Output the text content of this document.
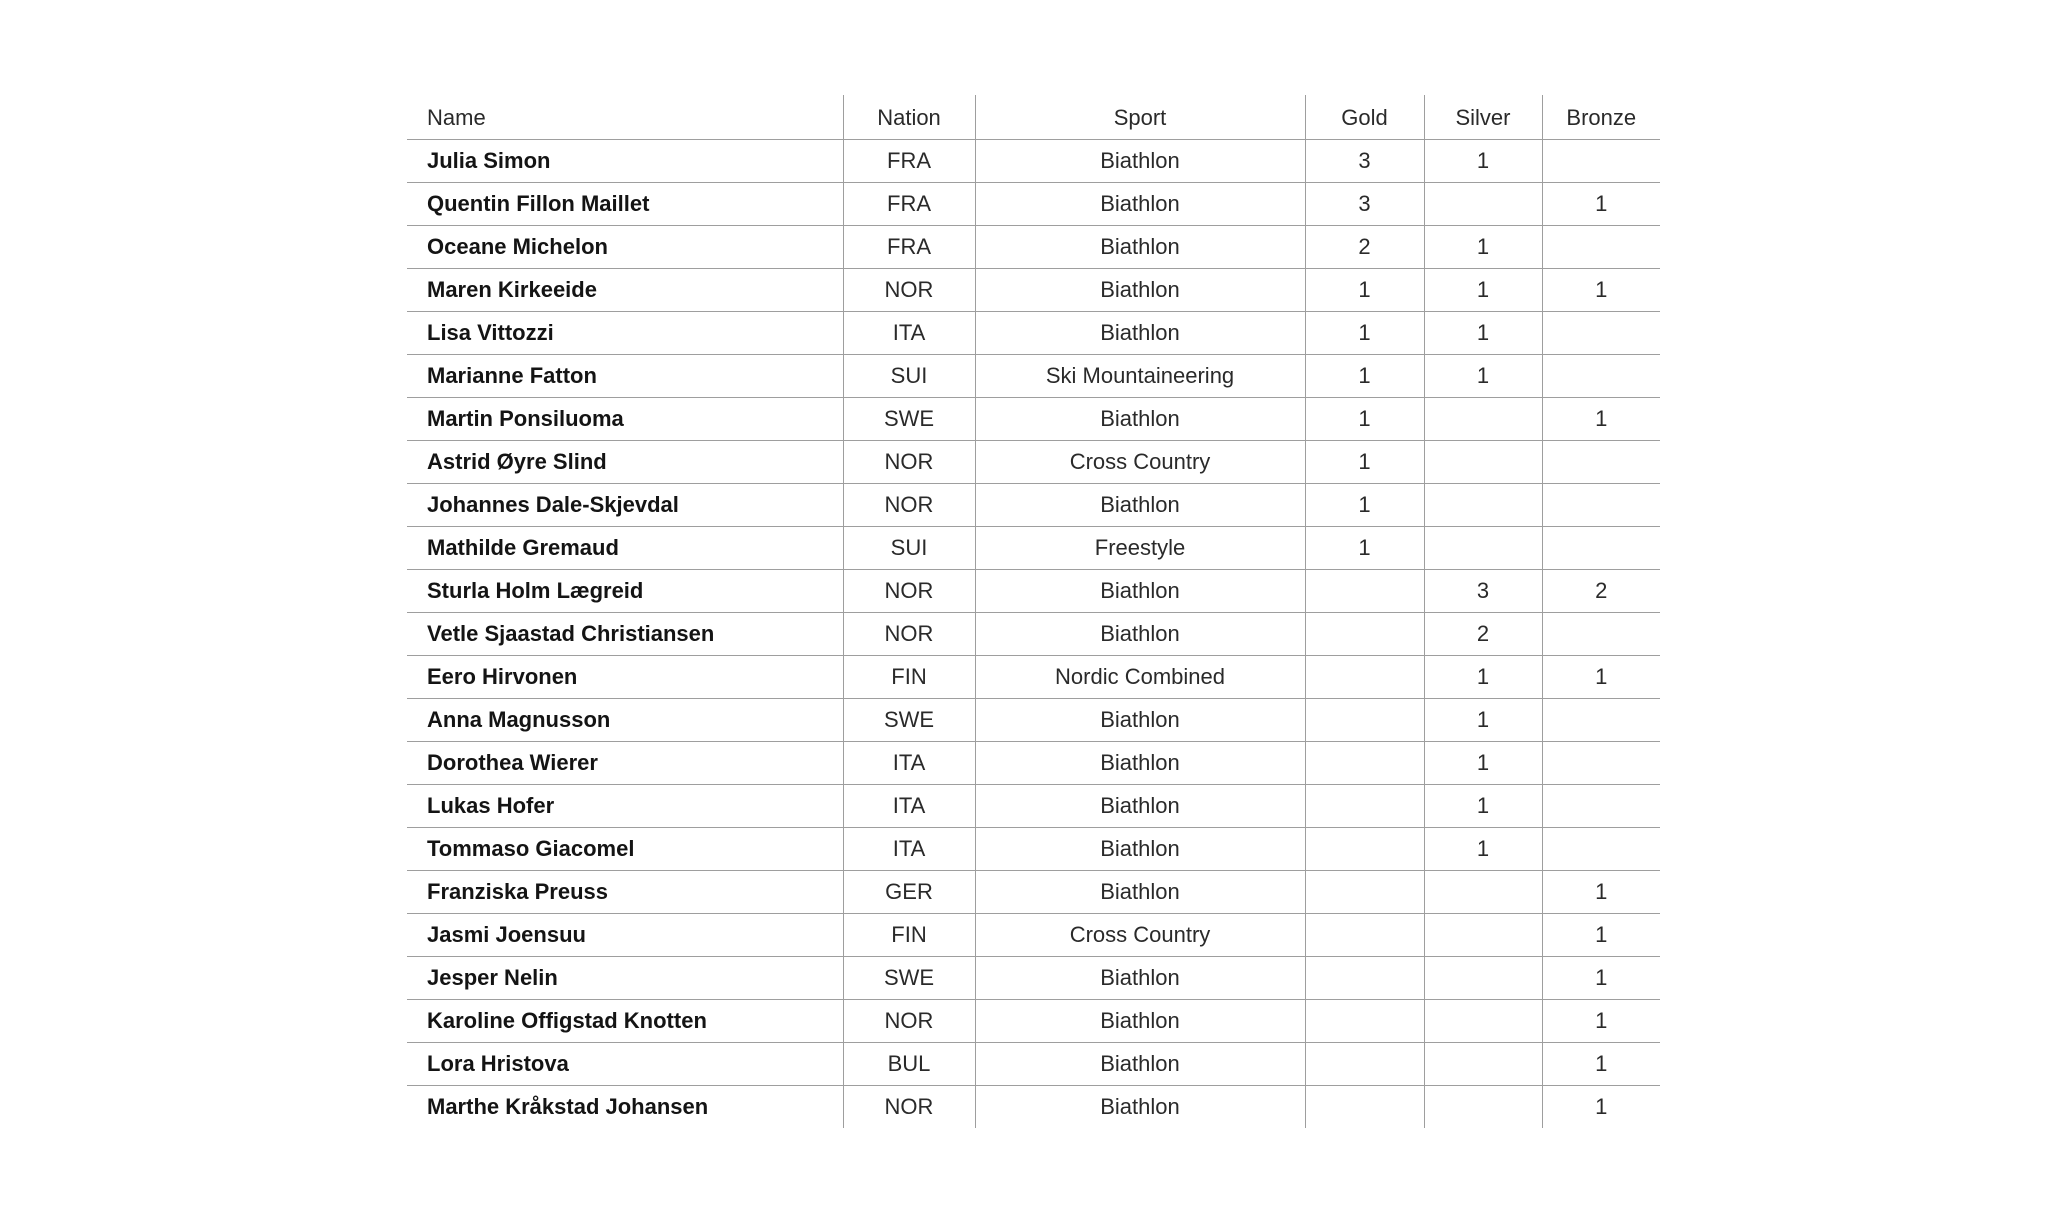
Name	Nation	Sport	Gold	Silver	Bronze
Julia Simon	FRA	Biathlon	3	1	
Quentin Fillon Maillet	FRA	Biathlon	3		1
Oceane Michelon	FRA	Biathlon	2	1	
Maren Kirkeeide	NOR	Biathlon	1	1	1
Lisa Vittozzi	ITA	Biathlon	1	1	
Marianne Fatton	SUI	Ski Mountaineering	1	1	
Martin Ponsiluoma	SWE	Biathlon	1		1
Astrid Øyre Slind	NOR	Cross Country	1		
Johannes Dale-Skjevdal	NOR	Biathlon	1		
Mathilde Gremaud	SUI	Freestyle	1		
Sturla Holm Lægreid	NOR	Biathlon		3	2
Vetle Sjaastad Christiansen	NOR	Biathlon		2	
Eero Hirvonen	FIN	Nordic Combined		1	1
Anna Magnusson	SWE	Biathlon		1	
Dorothea Wierer	ITA	Biathlon		1	
Lukas Hofer	ITA	Biathlon		1	
Tommaso Giacomel	ITA	Biathlon		1	
Franziska Preuss	GER	Biathlon			1
Jasmi Joensuu	FIN	Cross Country			1
Jesper Nelin	SWE	Biathlon			1
Karoline Offigstad Knotten	NOR	Biathlon			1
Lora Hristova	BUL	Biathlon			1
Marthe Kråkstad Johansen	NOR	Biathlon			1
